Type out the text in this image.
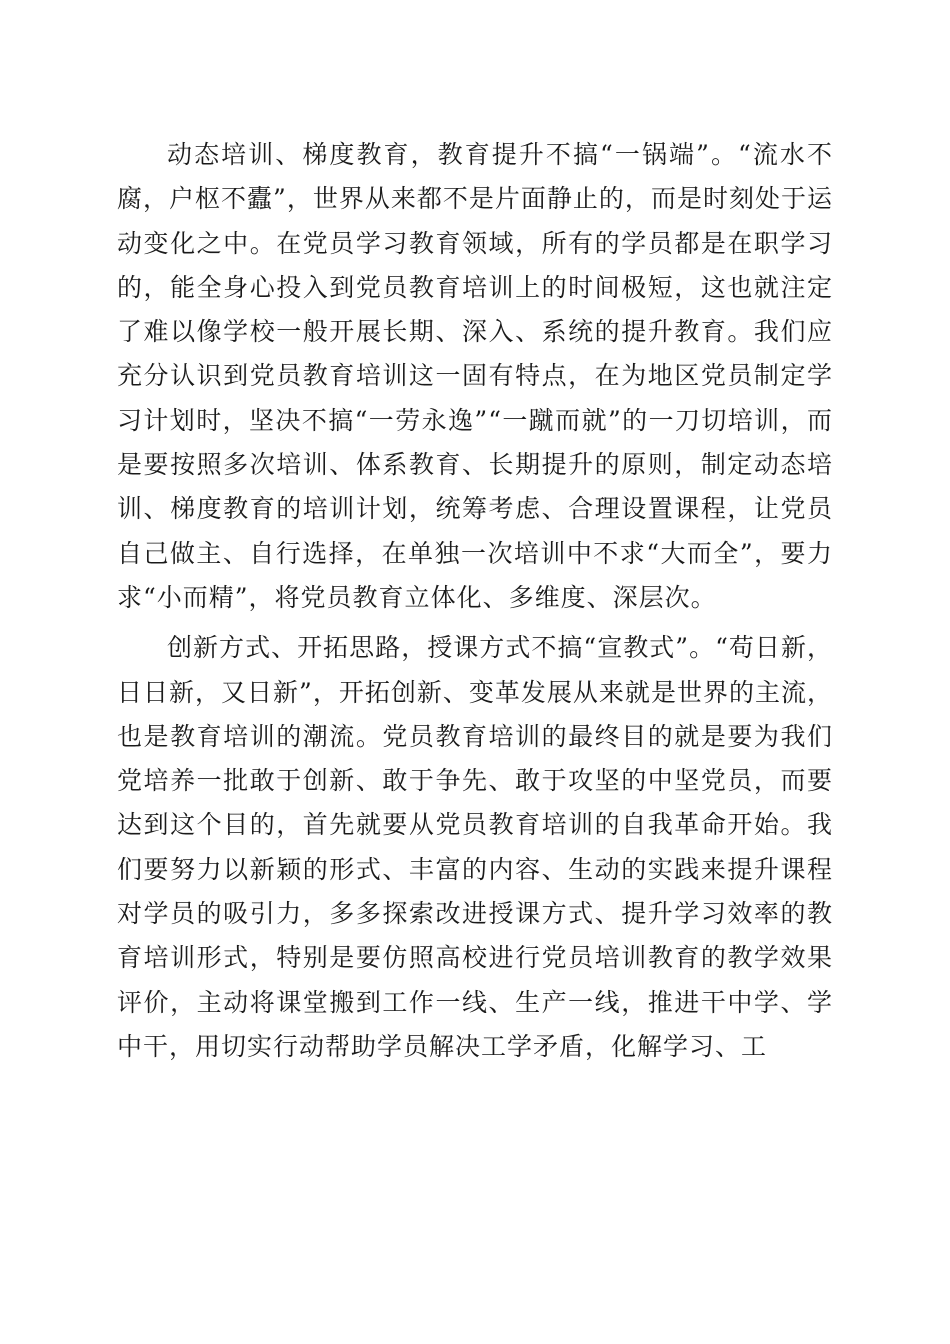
动态培训、梯度教育，教育提升不搞“一锅端”。“流水不腐，户枢不蠹”，世界从来都不是片面静止的，而是时刻处于运动变化之中。在党员学习教育领域，所有的学员都是在职学习的，能全身心投入到党员教育培训上的时间极短，这也就注定了难以像学校一般开展长期、深入、系统的提升教育。我们应充分认识到党员教育培训这一固有特点，在为地区党员制定学习计划时，坚决不搞“一劳永逸”“一蹴而就”的一刀切培训，而是要按照多次培训、体系教育、长期提升的原则，制定动态培训、梯度教育的培训计划，统筹考虑、合理设置课程，让党员自己做主、自行选择，在单独一次培训中不求“大而全”，要力求“小而精”，将党员教育立体化、多维度、深层次。

创新方式、开拓思路，授课方式不搞“宣教式”。“苟日新，日日新，又日新”，开拓创新、变革发展从来就是世界的主流，也是教育培训的潮流。党员教育培训的最终目的就是要为我们党培养一批敢于创新、敢于争先、敢于攻坚的中坚党员，而要达到这个目的，首先就要从党员教育培训的自我革命开始。我们要努力以新颖的形式、丰富的内容、生动的实践来提升课程对学员的吸引力，多多探索改进授课方式、提升学习效率的教育培训形式，特别是要仿照高校进行党员培训教育的教学效果评价，主动将课堂搬到工作一线、生产一线，推进干中学、学中干，用切实行动帮助学员解决工学矛盾，化解学习、工
